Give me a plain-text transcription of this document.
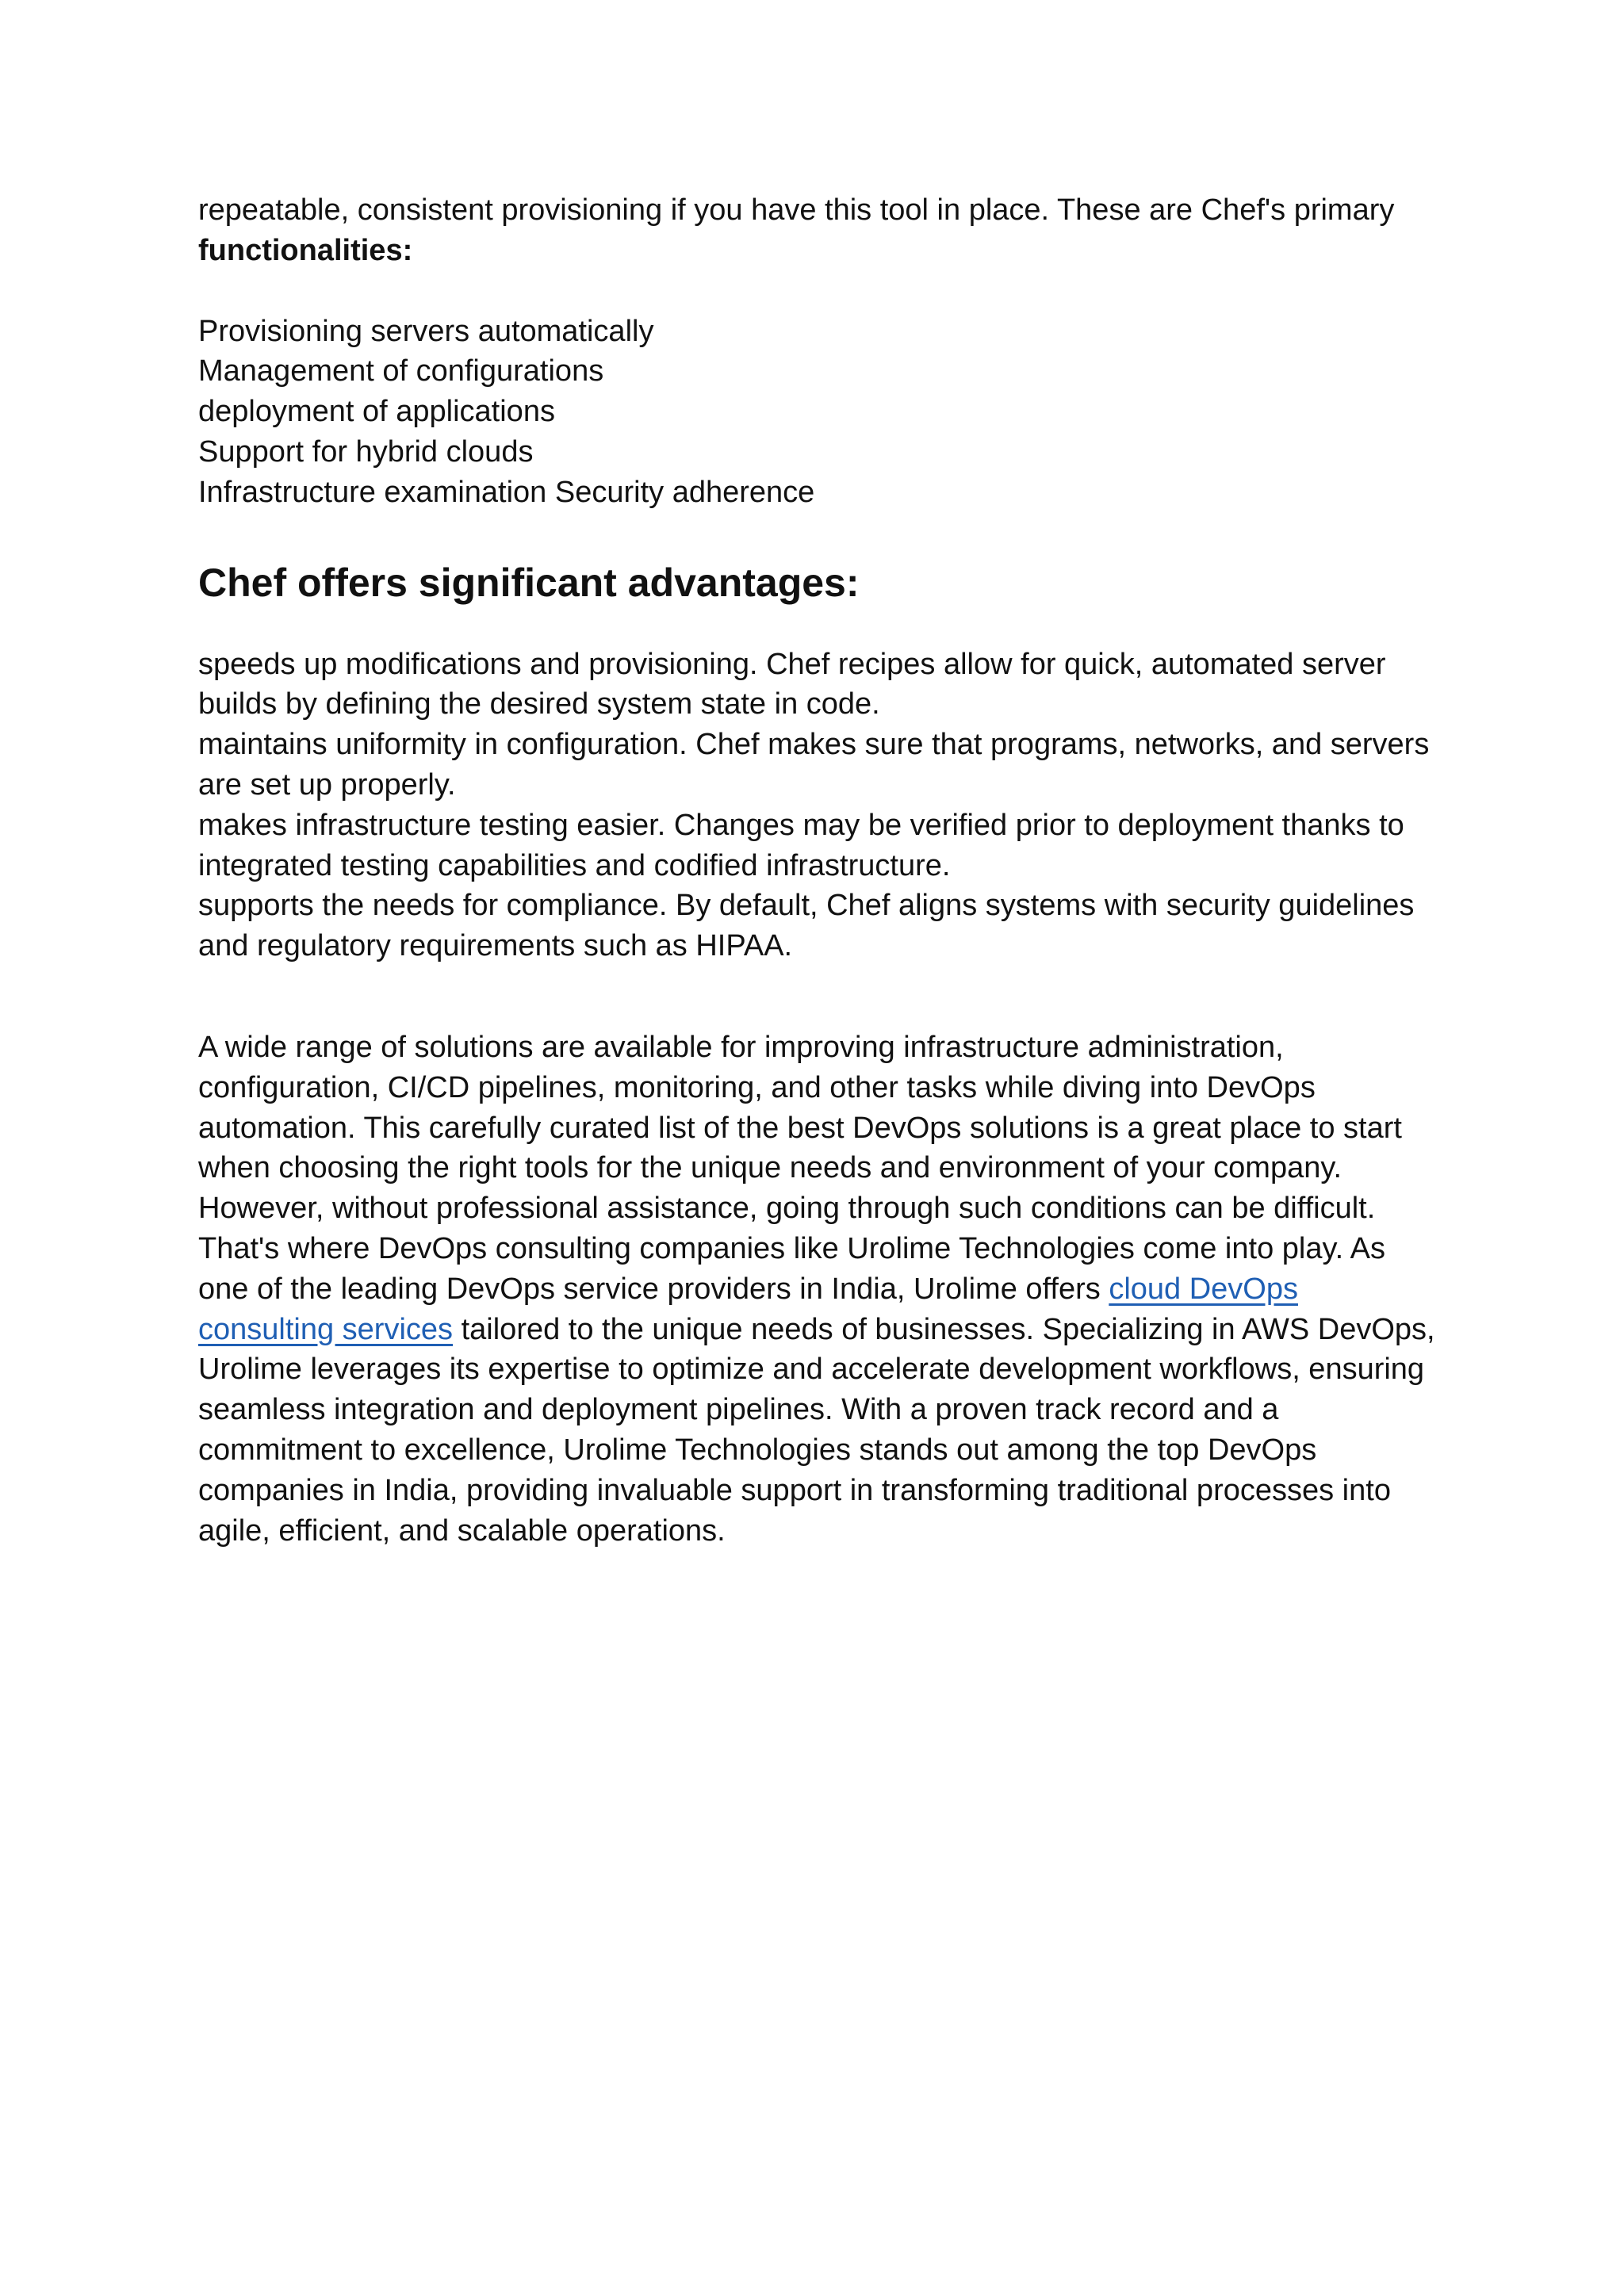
repeatable, consistent provisioning if you have this tool in place. These are Chef's primary functionalities:

Provisioning servers automatically
Management of configurations
deployment of applications
Support for hybrid clouds
Infrastructure examination Security adherence
Chef offers significant advantages:

speeds up modifications and provisioning. Chef recipes allow for quick, automated server builds by defining the desired system state in code.

maintains uniformity in configuration. Chef makes sure that programs, networks, and servers are set up properly.

makes infrastructure testing easier. Changes may be verified prior to deployment thanks to integrated testing capabilities and codified infrastructure.

supports the needs for compliance. By default, Chef aligns systems with security guidelines and regulatory requirements such as HIPAA.

A wide range of solutions are available for improving infrastructure administration, configuration, CI/CD pipelines, monitoring, and other tasks while diving into DevOps automation. This carefully curated list of the best DevOps solutions is a great place to start when choosing the right tools for the unique needs and environment of your company. However, without professional assistance, going through such conditions can be difficult. That's where DevOps consulting companies like Urolime Technologies come into play. As one of the leading DevOps service providers in India, Urolime offers cloud DevOps consulting services tailored to the unique needs of businesses. Specializing in AWS DevOps, Urolime leverages its expertise to optimize and accelerate development workflows, ensuring seamless integration and deployment pipelines. With a proven track record and a commitment to excellence, Urolime Technologies stands out among the top DevOps companies in India, providing invaluable support in transforming traditional processes into agile, efficient, and scalable operations.
